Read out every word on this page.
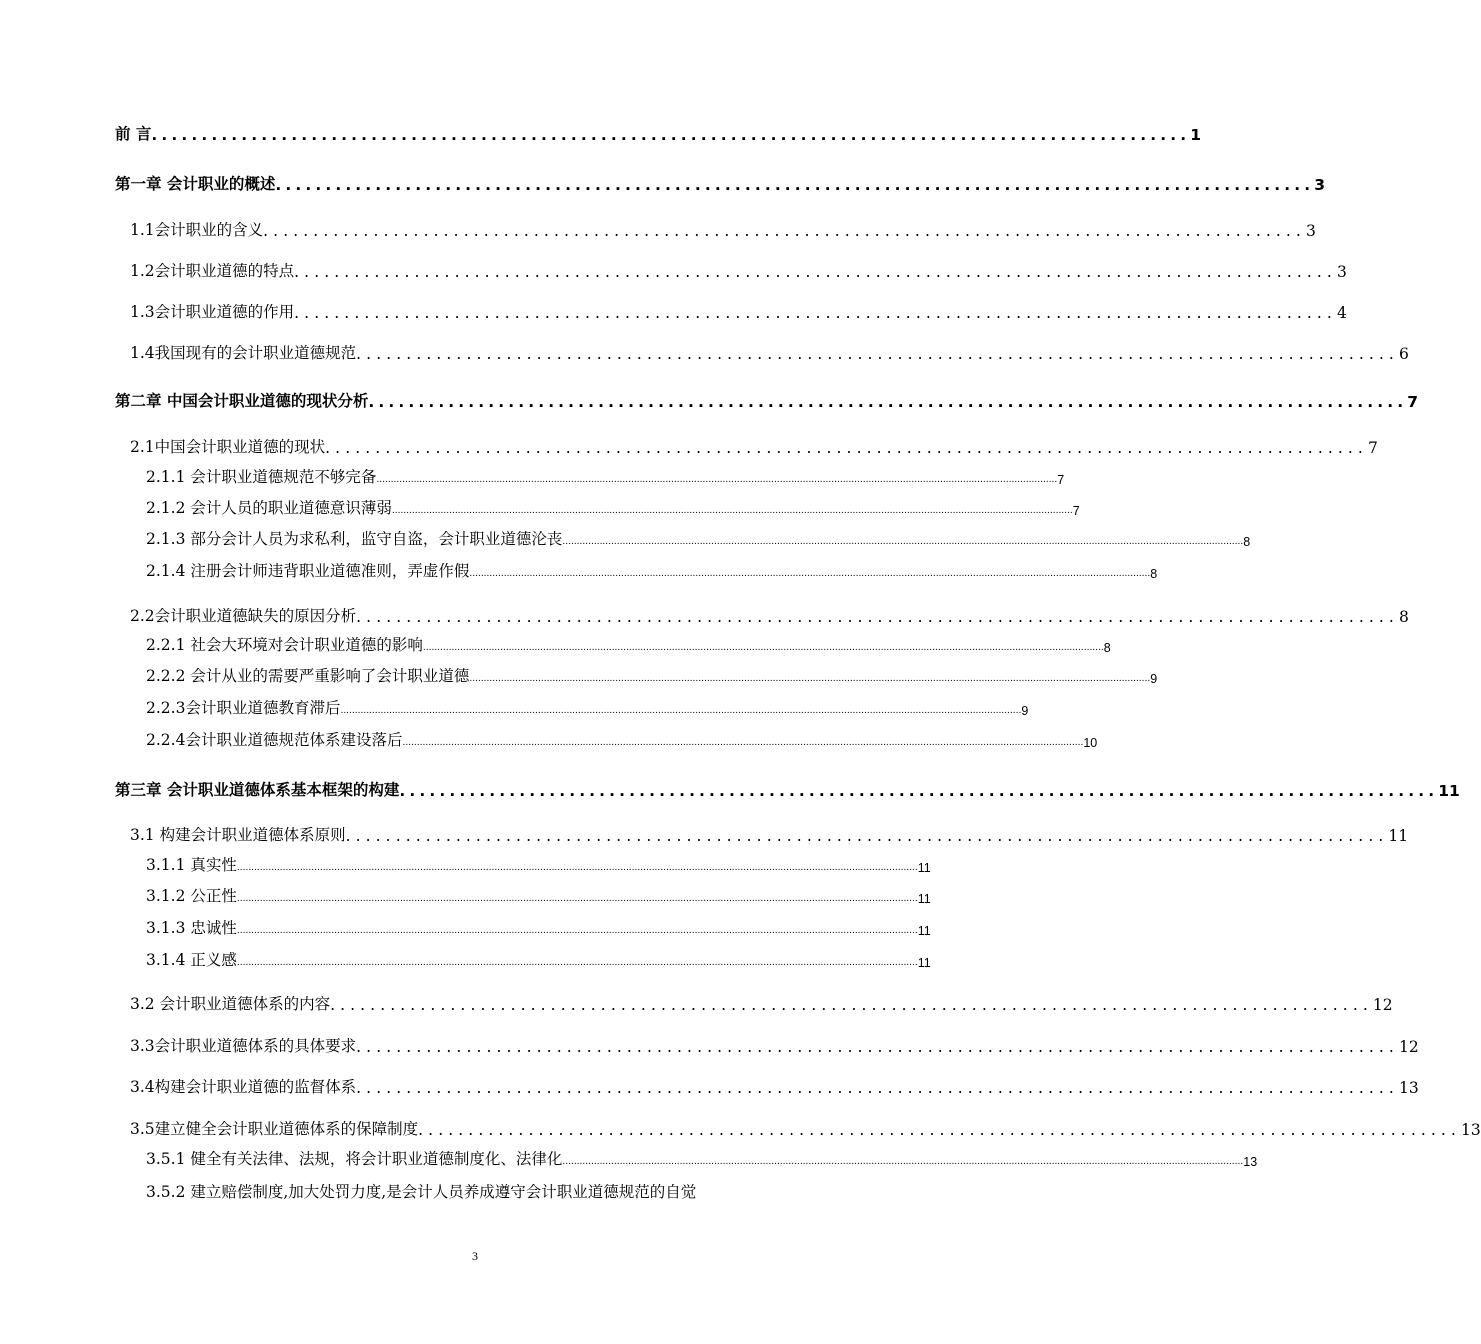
前 言 ........................................................................................................ 1
第一章 会计职业的概述 ........................................................................................................ 3
1.1会计职业的含义 ........................................................................................................ 3
1.2会计职业道德的特点 ........................................................................................................ 3
1.3会计职业道德的作用 ........................................................................................................ 4
1.4我国现有的会计职业道德规范 ........................................................................................................ 6
第二章 中国会计职业道德的现状分析 ........................................................................................................ 7
2.1中国会计职业道德的现状 ........................................................................................................ 7
2.1.1 会计职业道德规范不够完备 .............................................................................................................................................................................................................................................. 7
2.1.2 会计人员的职业道德意识薄弱 .............................................................................................................................................................................................................................................. 7
2.1.3 部分会计人员为求私利，监守自盗，会计职业道德沦丧 .............................................................................................................................................................................................................................................. 8
2.1.4 注册会计师违背职业道德准则，弄虚作假 .............................................................................................................................................................................................................................................. 8
2.2会计职业道德缺失的原因分析 ........................................................................................................ 8
2.2.1 社会大环境对会计职业道德的影响 .............................................................................................................................................................................................................................................. 8
2.2.2 会计从业的需要严重影响了会计职业道德 .............................................................................................................................................................................................................................................. 9
2.2.3会计职业道德教育滞后 .............................................................................................................................................................................................................................................. 9
2.2.4会计职业道德规范体系建设落后 .............................................................................................................................................................................................................................................. 10
第三章 会计职业道德体系基本框架的构建 ........................................................................................................ 11
3.1 构建会计职业道德体系原则 ........................................................................................................ 11
3.1.1 真实性 .............................................................................................................................................................................................................................................. 11
3.1.2 公正性 .............................................................................................................................................................................................................................................. 11
3.1.3 忠诚性 .............................................................................................................................................................................................................................................. 11
3.1.4 正义感 .............................................................................................................................................................................................................................................. 11
3.2 会计职业道德体系的内容 ........................................................................................................ 12
3.3会计职业道德体系的具体要求 ........................................................................................................ 12
3.4构建会计职业道德的监督体系 ........................................................................................................ 13
3.5建立健全会计职业道德体系的保障制度 ........................................................................................................ 13
3.5.1 健全有关法律、法规，将会计职业道德制度化、法律化 .............................................................................................................................................................................................................................................. 13
3.5.2 建立赔偿制度,加大处罚力度,是会计人员养成遵守会计职业道德规范的自觉
3
